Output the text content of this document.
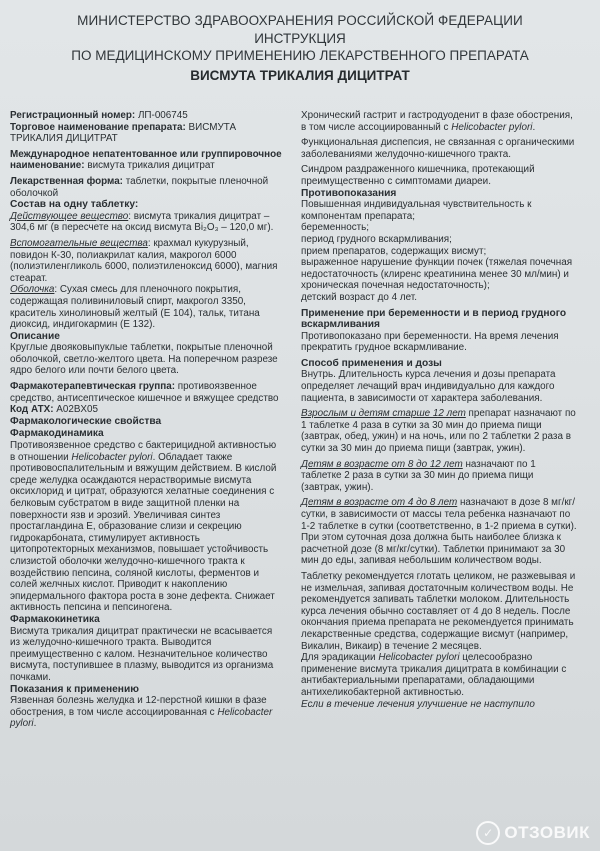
МИНИСТЕРСТВО ЗДРАВООХРАНЕНИЯ РОССИЙСКОЙ ФЕДЕРАЦИИ
ИНСТРУКЦИЯ
ПО МЕДИЦИНСКОМУ ПРИМЕНЕНИЮ ЛЕКАРСТВЕННОГО ПРЕПАРАТА
ВИСМУТА ТРИКАЛИЯ ДИЦИТРАТ

Регистрационный номер: ЛП-006745

Торговое наименование препарата: ВИСМУТА ТРИКАЛИЯ ДИЦИТРАТ

Международное непатентованное или группировочное наименование: висмута трикалия дицитрат

Лекарственная форма: таблетки, покрытые пленочной оболочкой

Состав на одну таблетку:

Действующее вещество: висмута трикалия дицитрат – 304,6 мг (в пересчете на оксид висмута Bi₂O₃ – 120,0 мг).

Вспомогательные вещества: крахмал кукурузный, повидон К-30, полиакрилат калия, макрогол 6000 (полиэтиленгликоль 6000, полиэтиленоксид 6000), магния стеарат.

Оболочка: Сухая смесь для пленочного покрытия, содержащая поливиниловый спирт, макрогол 3350, краситель хинолиновый желтый (Е 104), тальк, титана диоксид, индигокармин (Е 132).

Описание

Круглые двояковыпуклые таблетки, покрытые пленочной оболочкой, светло-желтого цвета. На поперечном разрезе ядро белого или почти белого цвета.

Фармакотерапевтическая группа: противоязвенное средство, антисептическое кишечное и вяжущее средство

Код АТХ: A02BX05

Фармакологические свойства

Фармакодинамика

Противоязвенное средство с бактерицидной активностью в отношении Helicobacter pylori. Обладает также противовоспалительным и вяжущим действием. В кислой среде желудка осаждаются нерастворимые висмута оксихлорид и цитрат, образуются хелатные соединения с белковым субстратом в виде защитной пленки на поверхности язв и эрозий. Увеличивая синтез простагландина Е, образование слизи и секрецию гидрокарбоната, стимулирует активность цитопротекторных механизмов, повышает устойчивость слизистой оболочки желудочно-кишечного тракта к воздействию пепсина, соляной кислоты, ферментов и солей желчных кислот. Приводит к накоплению эпидермального фактора роста в зоне дефекта. Снижает активность пепсина и пепсиногена.

Фармакокинетика

Висмута трикалия дицитрат практически не всасывается из желудочно-кишечного тракта. Выводится преимущественно с калом. Незначительное количество висмута, поступившее в плазму, выводится из организма почками.

Показания к применению

Язвенная болезнь желудка и 12-перстной кишки в фазе обострения, в том числе ассоциированная с Helicobacter pylori.

Хронический гастрит и гастродуоденит в фазе обострения, в том числе ассоциированный с Helicobacter pylori.

Функциональная диспепсия, не связанная с органическими заболеваниями желудочно-кишечного тракта.

Синдром раздраженного кишечника, протекающий преимущественно с симптомами диареи.

Противопоказания

Повышенная индивидуальная чувствительность к компонентам препарата;

беременность;

период грудного вскармливания;

прием препаратов, содержащих висмут;

выраженное нарушение функции почек (тяжелая почечная недостаточность (клиренс креатинина менее 30 мл/мин) и хроническая почечная недостаточность);

детский возраст до 4 лет.

Применение при беременности и в период грудного вскармливания

Противопоказано при беременности. На время лечения прекратить грудное вскармливание.

Способ применения и дозы

Внутрь. Длительность курса лечения и дозы препарата определяет лечащий врач индивидуально для каждого пациента, в зависимости от характера заболевания.

Взрослым и детям старше 12 лет препарат назначают по 1 таблетке 4 раза в сутки за 30 мин до приема пищи (завтрак, обед, ужин) и на ночь, или по 2 таблетки 2 раза в сутки за 30 мин до приема пищи (завтрак, ужин).

Детям в возрасте от 8 до 12 лет назначают по 1 таблетке 2 раза в сутки за 30 мин до приема пищи (завтрак, ужин).

Детям в возрасте от 4 до 8 лет назначают в дозе 8 мг/кг/сутки, в зависимости от массы тела ребенка назначают по 1-2 таблетке в сутки (соответственно, в 1-2 приема в сутки). При этом суточная доза должна быть наиболее близка к расчетной дозе (8 мг/кг/сутки). Таблетки принимают за 30 мин до еды, запивая небольшим количеством воды.

Таблетку рекомендуется глотать целиком, не разжевывая и не измельчая, запивая достаточным количеством воды. Не рекомендуется запивать таблетки молоком. Длительность курса лечения обычно составляет от 4 до 8 недель. После окончания приема препарата не рекомендуется принимать лекарственные средства, содержащие висмут (например, Викалин, Викаир) в течение 2 месяцев.

Для эрадикации Helicobacter pylori целесообразно применение висмута трикалия дицитрата в комбинации с антибактериальными препаратами, обладающими антихеликобактерной активностью.

Если в течение лечения улучшение не наступило

✓ ОТЗОВИК
